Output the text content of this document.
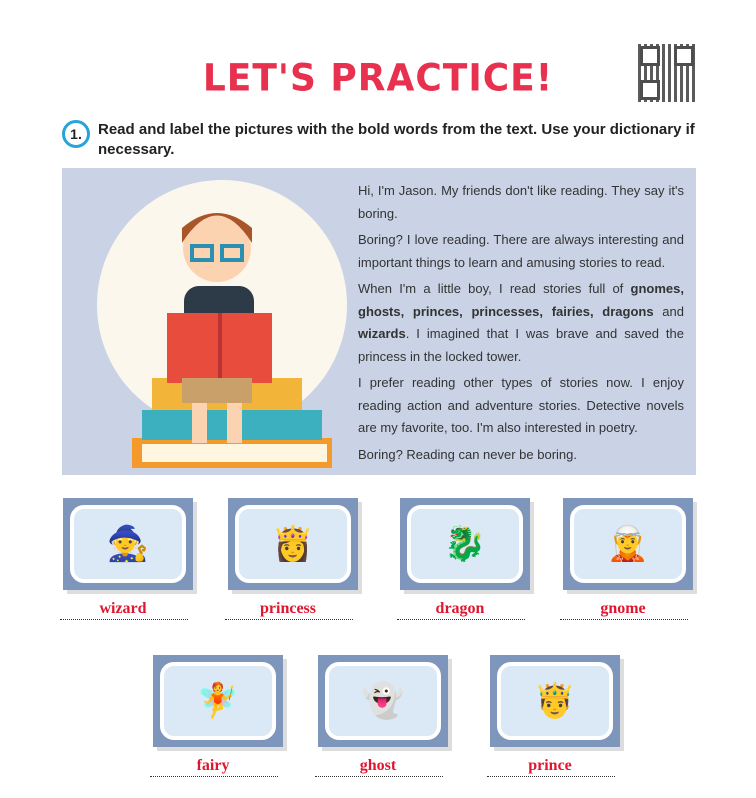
LET'S PRACTICE!
1.	Read and label the pictures with the bold words from the text. Use your dictionary if necessary.

Hi, I'm Jason. My friends don't like reading. They say it's boring.

Boring? I love reading. There are always interesting and important things to learn and amusing stories to read.

When I'm a little boy, I read stories full of gnomes, ghosts, princes, princesses, fairies, dragons and wizards. I imagined that I was brave and saved the princess in the locked tower.

I prefer reading other types of stories now. I enjoy reading action and adventure stories. Detective novels are my favorite, too. I'm also interested in poetry.

Boring? Reading can never be boring.

🧙
wizard
👸
princess
🐉
dragon
🧝
gnome
🧚
fairy
👻
ghost
🤴
prince
